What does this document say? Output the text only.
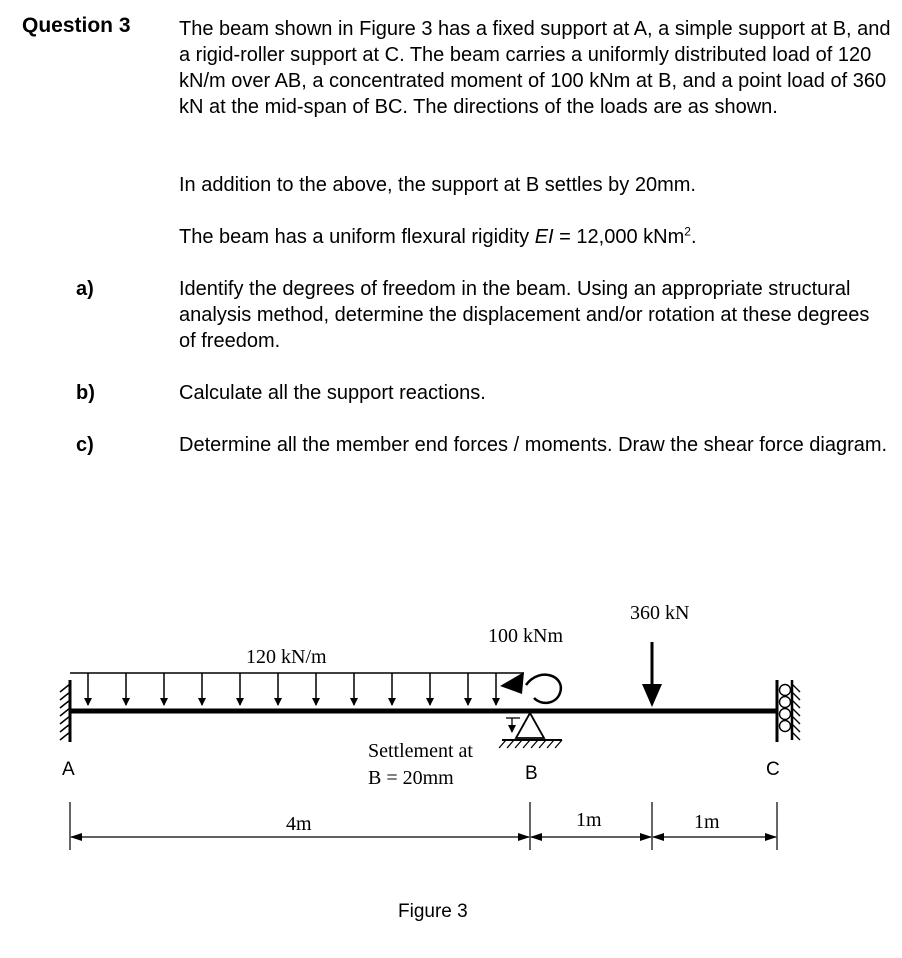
Question 3 The beam shown in Figure 3 has a fixed support at A, a simple support at B, and a rigid-roller support at C. The beam carries a uniformly distributed load of 120 kN/m over AB, a concentrated moment of 100 kNm at B, and a point load of 360 kN at the mid-span of BC. The directions of the loads are as shown.
In addition to the above, the support at B settles by 20mm.
The beam has a uniform flexural rigidity EI = 12,000 kNm$^2$.
a)	Identify the degrees of freedom in the beam. Using an appropriate structural analysis method, determine the displacement and/or rotation at these degrees of freedom.
b)	Calculate all the support reactions.
c)	Determine all the member end forces / moments. Draw the shear force diagram.
120 kN/m
100 kNm
Settlement at
B = 20mm
360 kN
A	B	C
4m	1m	1m
Figure 3
